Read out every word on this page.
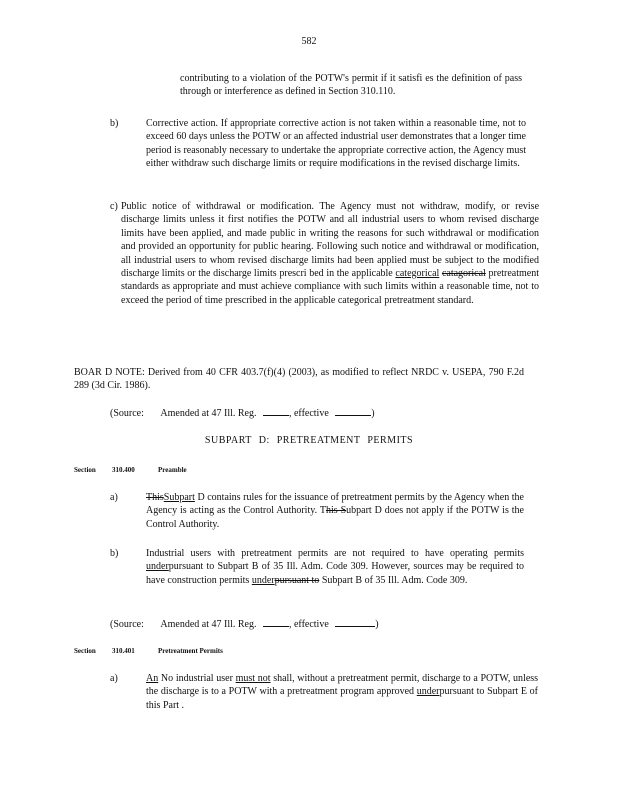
582
contributing to a violation of the POTW's permit if it satisfi es the definition of pass through or interference as defined in Section 310.110.
b)	Corrective action. If appropriate corrective action is not taken within a reasonable time, not to exceed 60 days unless the POTW or an affected industrial user demonstrates that a longer time period is reasonably necessary to undertake the appropriate corrective action, the Agency must either withdraw such discharge limits or require modifications in the revised discharge limits.
c) Public notice of withdrawal or modification. The Agency must not withdraw, modify, or revise discharge limits unless it first notifies the POTW and all industrial users to whom revised discharge limits have been applied, and made public in writing the reasons for such withdrawal or modification and provided an opportunity for public hearing. Following such notice and withdrawal or modification, all industrial users to whom revised discharge limits had been applied must be subject to the modified discharge limits or the discharge limits prescri bed in the applicable categorical catagorical pretreatment standards as appropriate and must achieve compliance with such limits within a reasonable time, not to exceed the period of time prescribed in the applicable categorical pretreatment standard.
BOAR D NOTE: Derived from 40 CFR 403.7(f)(4) (2003), as modified to reflect NRDC v. USEPA, 790 F.2d 289 (3d Cir. 1986).
(Source: Amended at 47 Ill. Reg.	, effective	)
SUBPART D: PRETREATMENT PERMITS
Section 310.400	Preamble
a)	ThisSubpart D contains rules for the issuance of pretreatment permits by the Agency when the Agency is acting as the Control Authority. This Subpart D does not apply if the POTW is the Control Authority.
b)	Industrial users with pretreatment permits are not required to have operating permits underpursuant to Subpart B of 35 Ill. Adm. Code 309. However, sources may be required to have construction permits underpursuant to Subpart B of 35 Ill. Adm. Code 309.
(Source: Amended at 47 Ill. Reg.	, effective	)
Section 310.401	Pretreatment Permits
a)	An No industrial user must not shall, without a pretreatment permit, discharge to a POTW, unless the discharge is to a POTW with a pretreatment program approved underpursuant to Subpart E of this Part .
